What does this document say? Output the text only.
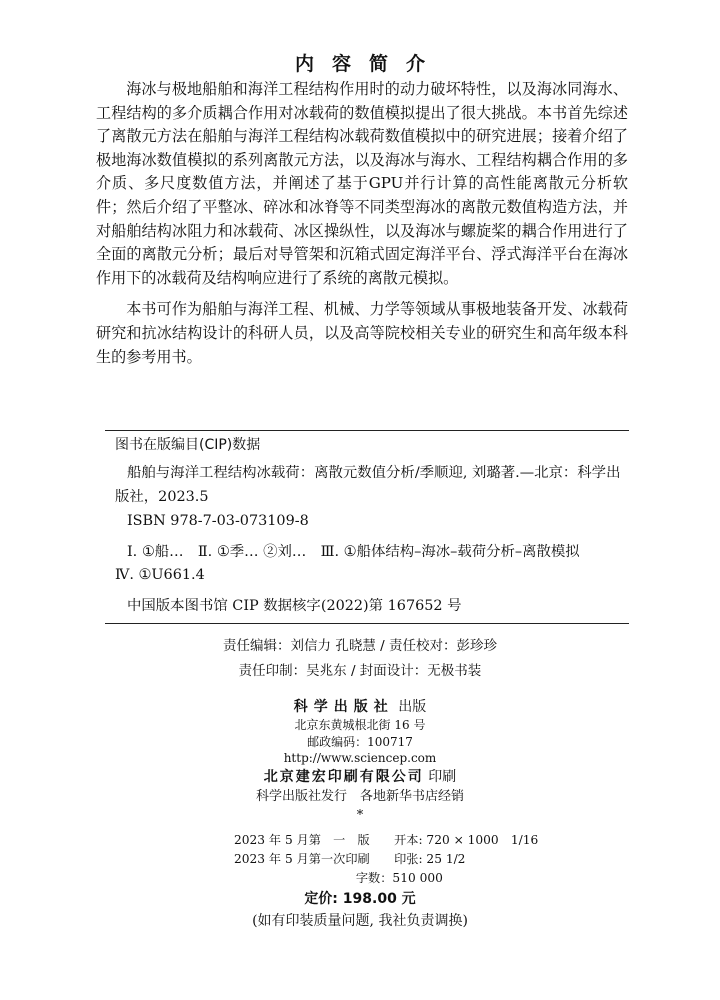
内容简介

海冰与极地船舶和海洋工程结构作用时的动力破坏特性，以及海冰同海水、工程结构的多介质耦合作用对冰载荷的数值模拟提出了很大挑战。本书首先综述了离散元方法在船舶与海洋工程结构冰载荷数值模拟中的研究进展；接着介绍了极地海冰数值模拟的系列离散元方法，以及海冰与海水、工程结构耦合作用的多介质、多尺度数值方法，并阐述了基于GPU并行计算的高性能离散元分析软件；然后介绍了平整冰、碎冰和冰脊等不同类型海冰的离散元数值构造方法，并对船舶结构冰阻力和冰载荷、冰区操纵性，以及海冰与螺旋桨的耦合作用进行了全面的离散元分析；最后对导管架和沉箱式固定海洋平台、浮式海洋平台在海冰作用下的冰载荷及结构响应进行了系统的离散元模拟。

本书可作为船舶与海洋工程、机械、力学等领域从事极地装备开发、冰载荷研究和抗冰结构设计的科研人员，以及高等院校相关专业的研究生和高年级本科生的参考用书。

图书在版编目(CIP)数据
船舶与海洋工程结构冰载荷：离散元数值分析/季顺迎, 刘璐著.—北京：科学出版社，2023.5
ISBN 978-7-03-073109-8
Ⅰ. ①船…　Ⅱ. ①季… ②刘…　Ⅲ. ①船体结构–海冰–载荷分析–离散模拟
Ⅳ. ①U661.4
中国版本图书馆 CIP 数据核字(2022)第 167652 号
责任编辑：刘信力 孔晓慧 / 责任校对：彭珍珍
责任印制：吴兆东 / 封面设计：无极书装
科学出版社 出版
北京东黄城根北街 16 号
邮政编码：100717
http://www.sciencep.com
北京建宏印刷有限公司 印刷
科学出版社发行　各地新华书店经销
*
2023 年 5 月第　一　版　　开本: 720 × 1000　1/16
2023 年 5 月第一次印刷　　印张: 25 1/2
　　　　　　　　　　字数：510 000
定价: 198.00 元
(如有印装质量问题, 我社负责调换)
